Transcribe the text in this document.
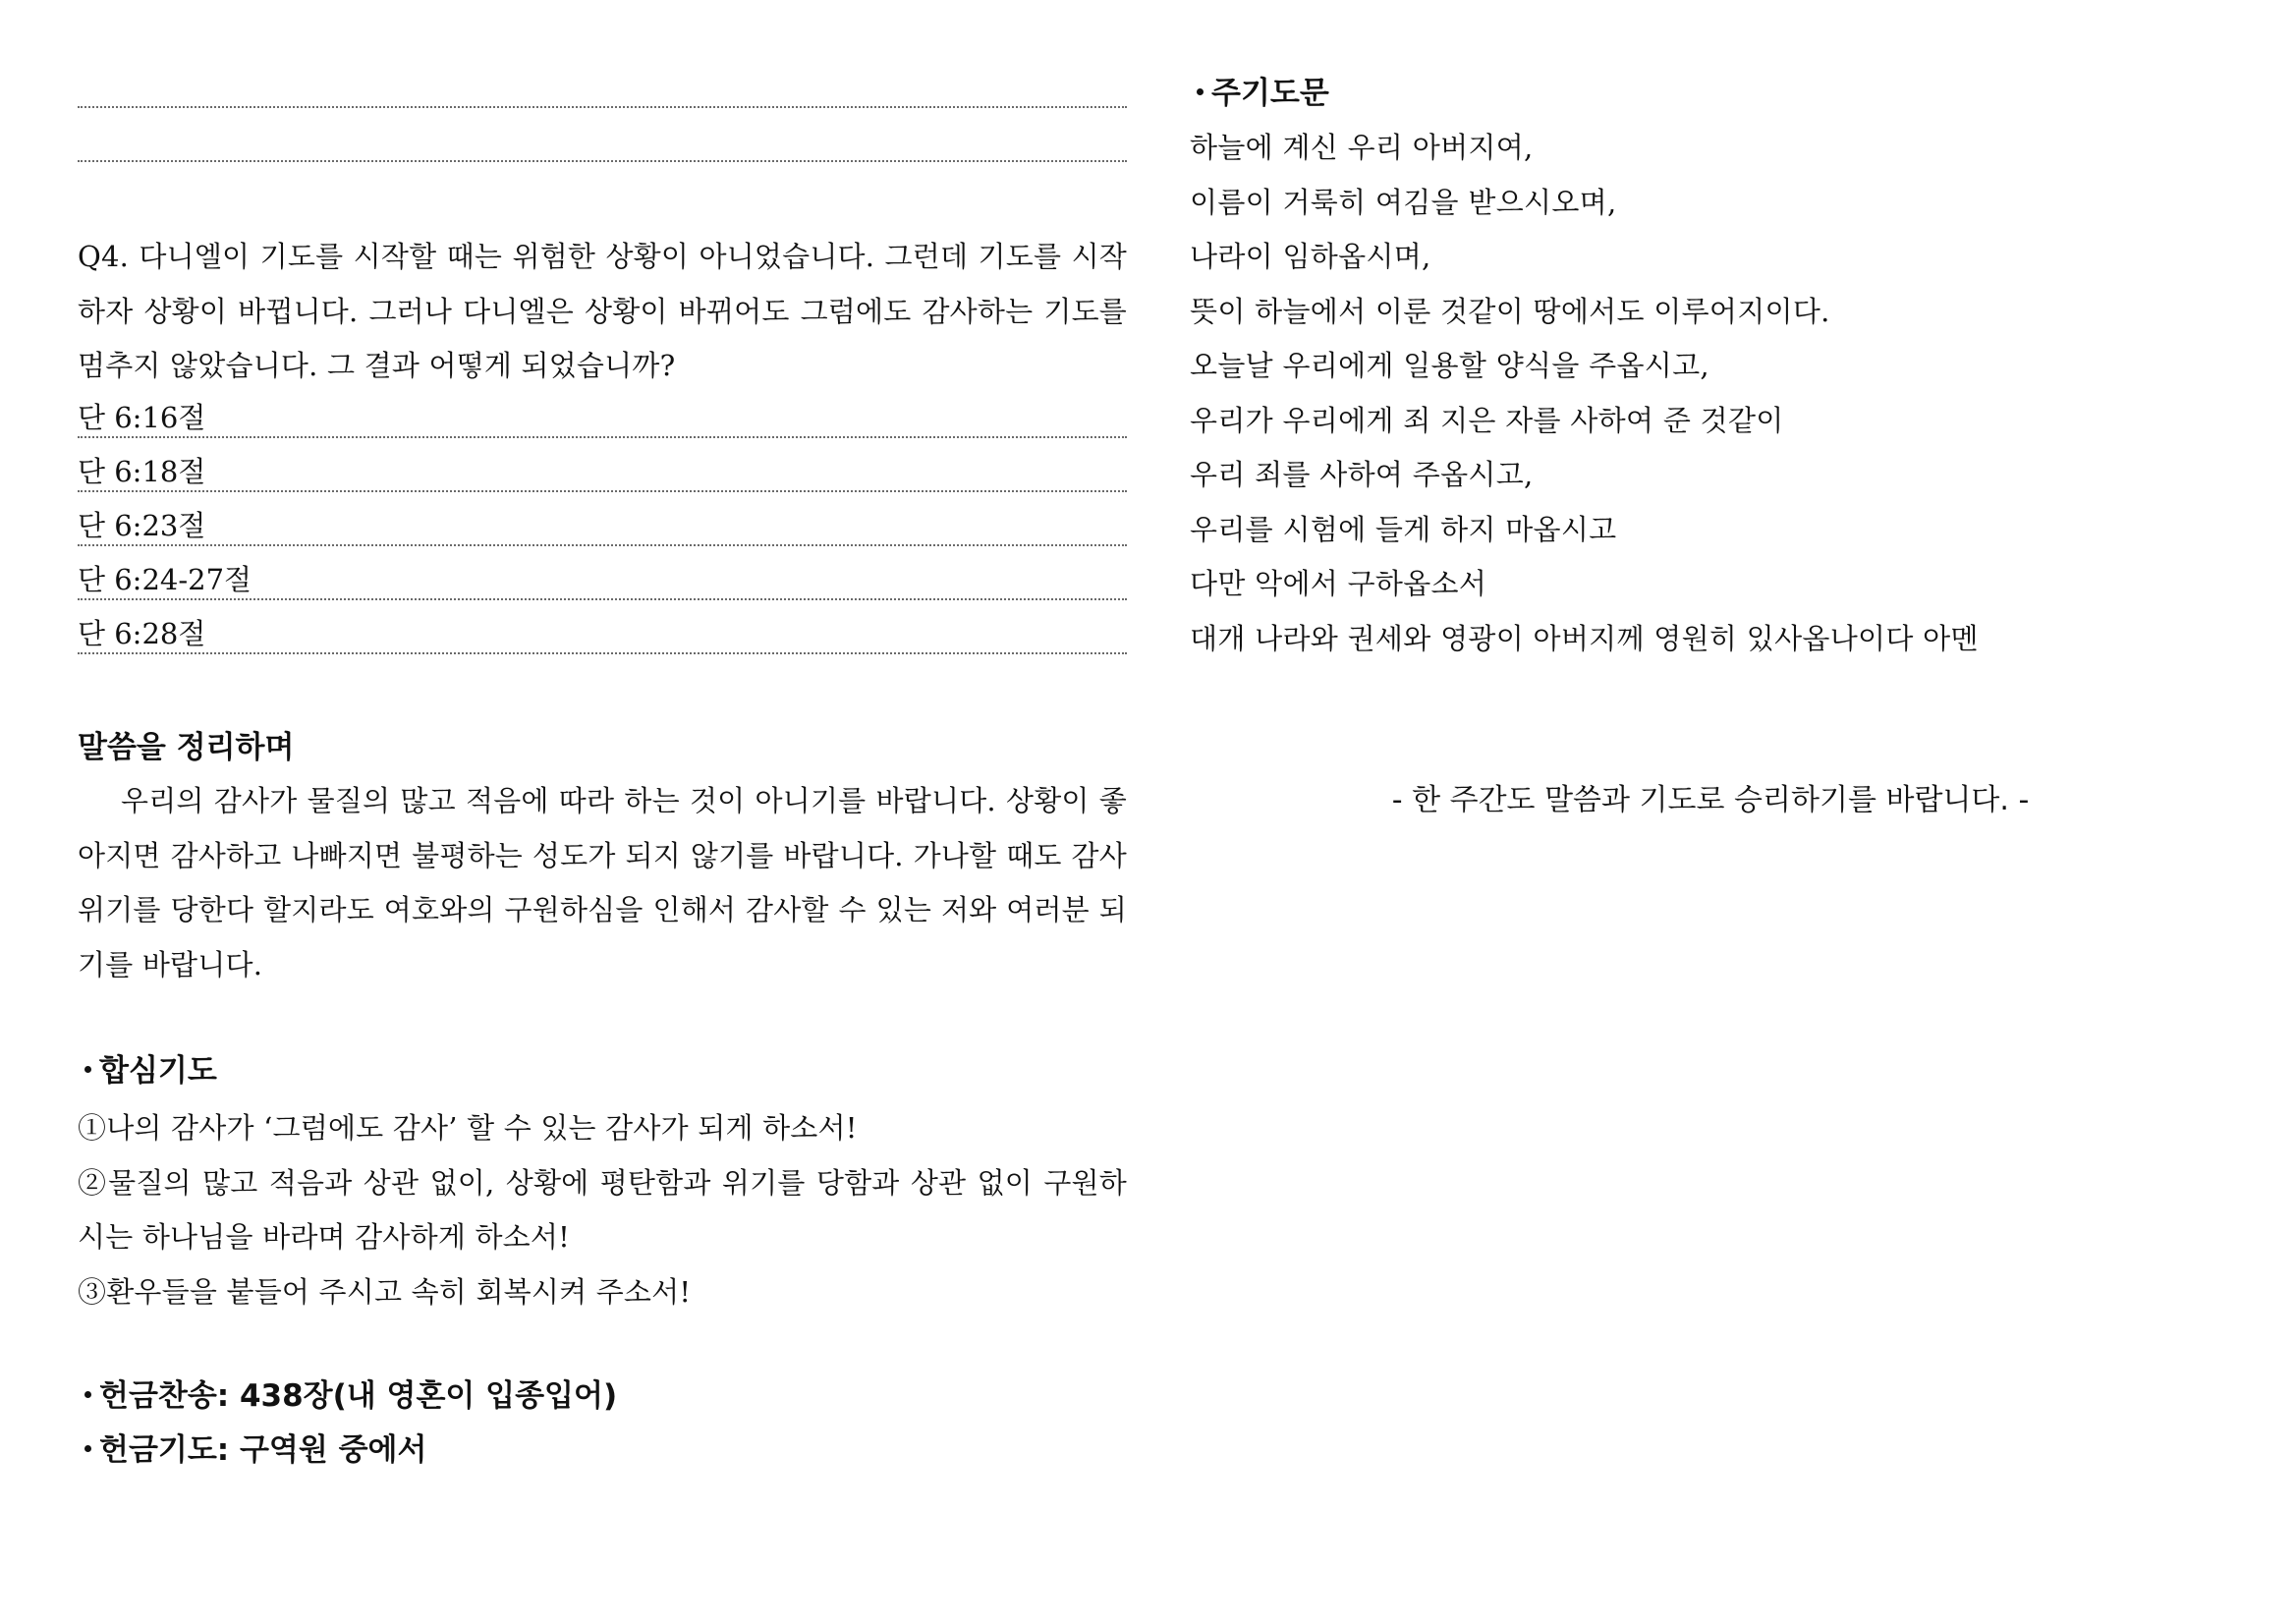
Q4. 다니엘이 기도를 시작할 때는 위험한 상황이 아니었습니다. 그런데 기도를 시작하자 상황이 바뀝니다. 그러나 다니엘은 상황이 바뀌어도 그럼에도 감사하는 기도를 멈추지 않았습니다. 그 결과 어떻게 되었습니까?

단 6:16절
단 6:18절
단 6:23절
단 6:24-27절
단 6:28절
말씀을 정리하며

우리의 감사가 물질의 많고 적음에 따라 하는 것이 아니기를 바랍니다. 상황이 좋아지면 감사하고 나빠지면 불평하는 성도가 되지 않기를 바랍니다. 가나할 때도 감사 위기를 당한다 할지라도 여호와의 구원하심을 인해서 감사할 수 있는 저와 여러분 되기를 바랍니다.

합심기도
①나의 감사가 ‘그럼에도 감사’ 할 수 있는 감사가 되게 하소서!
②물질의 많고 적음과 상관 없이, 상황에 평탄함과 위기를 당함과 상관 없이 구원하시는 하나님을 바라며 감사하게 하소서!
③환우들을 붙들어 주시고 속히 회복시켜 주소서!
헌금찬송: 438장(내 영혼이 입종입어)
헌금기도: 구역원 중에서
주기도문
하늘에 계신 우리 아버지여,
이름이 거룩히 여김을 받으시오며,
나라이 임하옵시며,
뜻이 하늘에서 이룬 것같이 땅에서도 이루어지이다.
오늘날 우리에게 일용할 양식을 주옵시고,
우리가 우리에게 죄 지은 자를 사하여 준 것같이
우리 죄를 사하여 주옵시고,
우리를 시험에 들게 하지 마옵시고
다만 악에서 구하옵소서
대개 나라와 권세와 영광이 아버지께 영원히 있사옵나이다 아멘
- 한 주간도 말씀과 기도로 승리하기를 바랍니다. -
